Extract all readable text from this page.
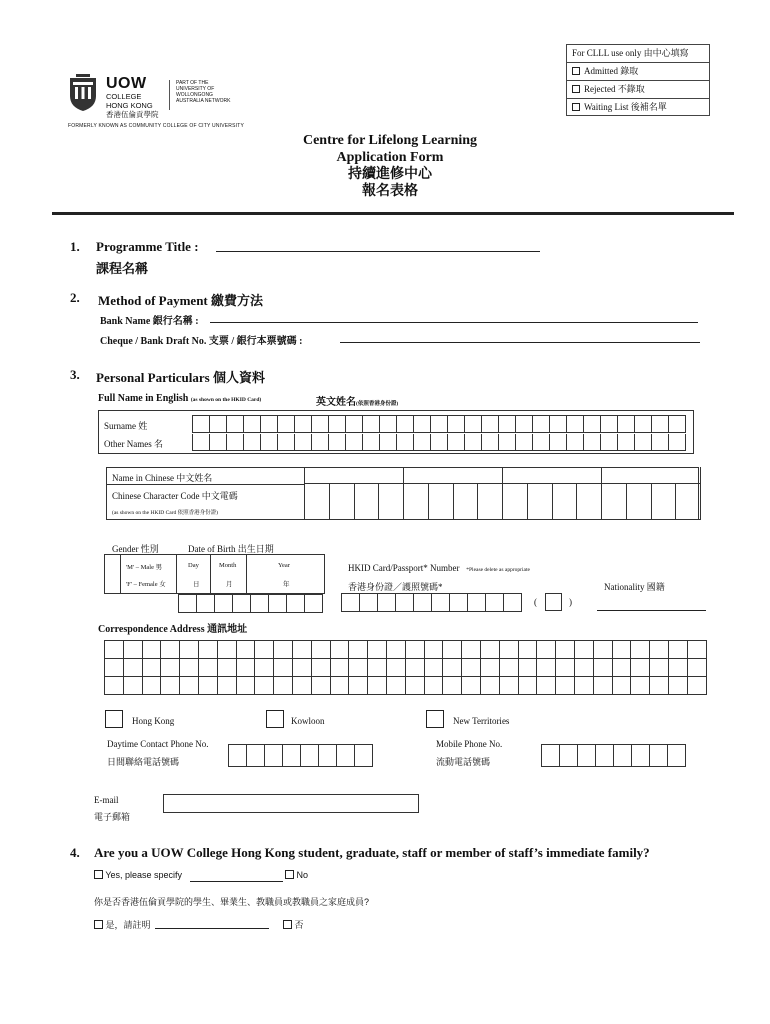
For CLLL use only 由中心填寫
Admitted 錄取
Rejected 不錄取
Waiting List 後補名單
UOW
COLLEGE
HONG KONG
香港伍倫貢學院
PART OF THE UNIVERSITY OF WOLLONGONG AUSTRALIA NETWORK
FORMERLY KNOWN AS COMMUNITY COLLEGE OF CITY UNIVERSITY
Centre for Lifelong Learning
Application Form
持續進修中心
報名表格
1. Programme Title :
課程名稱
2. Method of Payment 繳費方法
Bank Name 銀行名稱 :
Cheque / Bank Draft No. 支票 / 銀行本票號碼 :
3. Personal Particulars 個人資料
Full Name in English (as shown on the HKID Card)	英文姓名(依照香港身份證)
Surname 姓
Other Names 名
Name in Chinese 中文姓名
Chinese Character Code 中文電碼
(as shown on the HKID Card 依照香港身份證)
Gender 性別	Date of Birth 出生日期
'M' – Male 男
'F' – Female 女
Day
日
Month
月
Year
年
HKID Card/Passport* Number *Please delete as appropriate
香港身份證／護照號碼*
(	)
Nationality 國籍
Correspondence Address 通訊地址
Hong Kong	Kowloon	New Territories
Daytime Contact Phone No.
日間聯絡電話號碼
Mobile Phone No.
流動電話號碼
E-mail
電子郵箱
4. Are you a UOW College Hong Kong student, graduate, staff or member of staff’s immediate family?
Yes, please specify	No
你是否香港伍倫貢學院的學生、畢業生、教職員或教職員之家庭成員?
是，請註明	否
